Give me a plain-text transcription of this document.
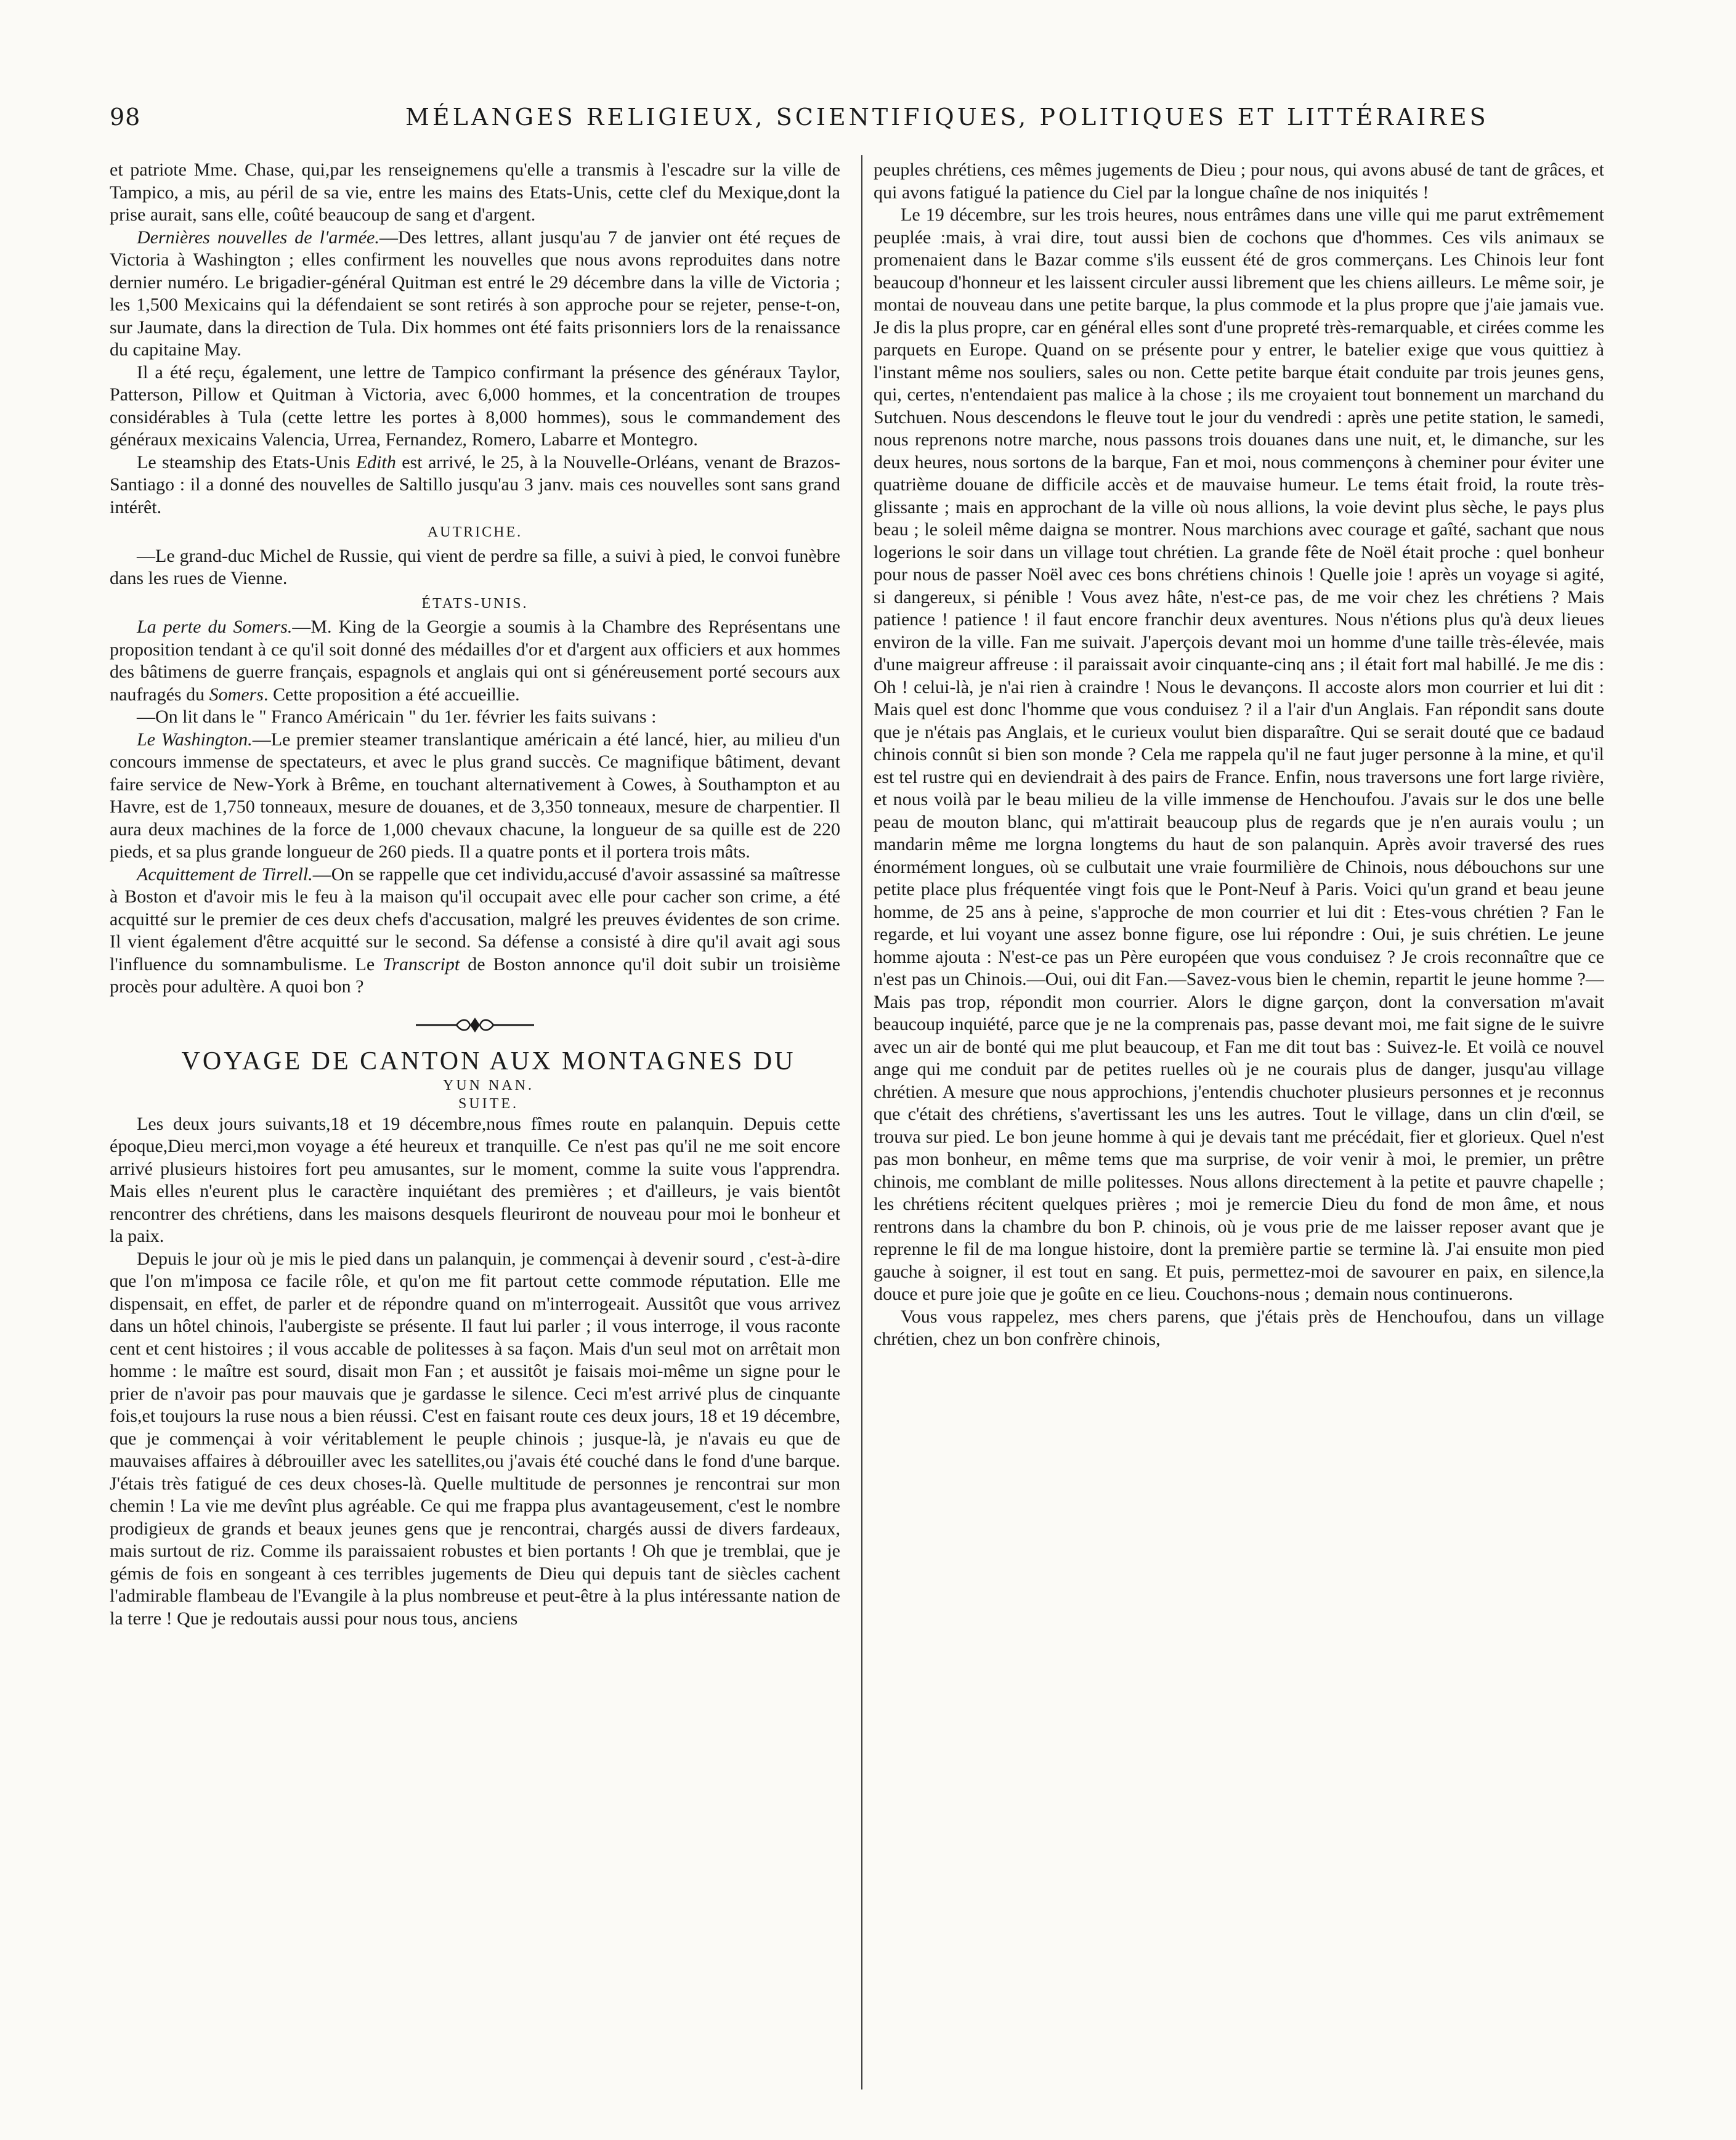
98	MÉLANGES RELIGIEUX, SCIENTIFIQUES, POLITIQUES ET LITTÉRAIRES

et patriote Mme. Chase, qui,par les renseignemens qu'elle a transmis à l'escadre sur la ville de Tampico, a mis, au péril de sa vie, entre les mains des Etats-Unis, cette clef du Mexique,dont la prise aurait, sans elle, coûté beaucoup de sang et d'argent.

Dernières nouvelles de l'armée.—Des lettres, allant jusqu'au 7 de janvier ont été reçues de Victoria à Washington ; elles confirment les nouvelles que nous avons reproduites dans notre dernier numéro. Le brigadier-général Quitman est entré le 29 décembre dans la ville de Victoria ; les 1,500 Mexicains qui la défendaient se sont retirés à son approche pour se rejeter, pense-t-on, sur Jaumate, dans la direction de Tula. Dix hommes ont été faits prisonniers lors de la renaissance du capitaine May.

Il a été reçu, également, une lettre de Tampico confirmant la présence des généraux Taylor, Patterson, Pillow et Quitman à Victoria, avec 6,000 hommes, et la concentration de troupes considérables à Tula (cette lettre les portes à 8,000 hommes), sous le commandement des généraux mexicains Valencia, Urrea, Fernandez, Romero, Labarre et Montegro.

Le steamship des Etats-Unis Edith est arrivé, le 25, à la Nouvelle-Orléans, venant de Brazos-Santiago : il a donné des nouvelles de Saltillo jusqu'au 3 janv. mais ces nouvelles sont sans grand intérêt.

AUTRICHE.

—Le grand-duc Michel de Russie, qui vient de perdre sa fille, a suivi à pied, le convoi funèbre dans les rues de Vienne.

ÉTATS-UNIS.

La perte du Somers.—M. King de la Georgie a soumis à la Chambre des Représentans une proposition tendant à ce qu'il soit donné des médailles d'or et d'argent aux officiers et aux hommes des bâtimens de guerre français, espagnols et anglais qui ont si généreusement porté secours aux naufragés du Somers. Cette proposition a été accueillie.

—On lit dans le " Franco Américain " du 1er. février les faits suivans :

Le Washington.—Le premier steamer translantique américain a été lancé, hier, au milieu d'un concours immense de spectateurs, et avec le plus grand succès. Ce magnifique bâtiment, devant faire service de New-York à Brême, en touchant alternativement à Cowes, à Southampton et au Havre, est de 1,750 tonneaux, mesure de douanes, et de 3,350 tonneaux, mesure de charpentier. Il aura deux machines de la force de 1,000 chevaux chacune, la longueur de sa quille est de 220 pieds, et sa plus grande longueur de 260 pieds. Il a quatre ponts et il portera trois mâts.

Acquittement de Tirrell.—On se rappelle que cet individu,accusé d'avoir assassiné sa maîtresse à Boston et d'avoir mis le feu à la maison qu'il occupait avec elle pour cacher son crime, a été acquitté sur le premier de ces deux chefs d'accusation, malgré les preuves évidentes de son crime. Il vient également d'être acquitté sur le second. Sa défense a consisté à dire qu'il avait agi sous l'influence du somnambulisme. Le Transcript de Boston annonce qu'il doit subir un troisième procès pour adultère. A quoi bon ?

VOYAGE DE CANTON AUX MONTAGNES DU

YUN NAN.

SUITE.

Les deux jours suivants,18 et 19 décembre,nous fîmes route en palanquin. Depuis cette époque,Dieu merci,mon voyage a été heureux et tranquille. Ce n'est pas qu'il ne me soit encore arrivé plusieurs histoires fort peu amusantes, sur le moment, comme la suite vous l'apprendra. Mais elles n'eurent plus le caractère inquiétant des premières ; et d'ailleurs, je vais bientôt rencontrer des chrétiens, dans les maisons desquels fleuriront de nouveau pour moi le bonheur et la paix.

Depuis le jour où je mis le pied dans un palanquin, je commençai à devenir sourd , c'est-à-dire que l'on m'imposa ce facile rôle, et qu'on me fit partout cette commode réputation. Elle me dispensait, en effet, de parler et de répondre quand on m'interrogeait. Aussitôt que vous arrivez dans un hôtel chinois, l'aubergiste se présente. Il faut lui parler ; il vous interroge, il vous raconte cent et cent histoires ; il vous accable de politesses à sa façon. Mais d'un seul mot on arrêtait mon homme : le maître est sourd, disait mon Fan ; et aussitôt je faisais moi-même un signe pour le prier de n'avoir pas pour mauvais que je gardasse le silence. Ceci m'est arrivé plus de cinquante fois,et toujours la ruse nous a bien réussi. C'est en faisant route ces deux jours, 18 et 19 décembre, que je commençai à voir véritablement le peuple chinois ; jusque-là, je n'avais eu que de mauvaises affaires à débrouiller avec les satellites,ou j'avais été couché dans le fond d'une barque. J'étais très fatigué de ces deux choses-là. Quelle multitude de personnes je rencontrai sur mon chemin ! La vie me devînt plus agréable. Ce qui me frappa plus avantageusement, c'est le nombre prodigieux de grands et beaux jeunes gens que je rencontrai, chargés aussi de divers fardeaux, mais surtout de riz. Comme ils paraissaient robustes et bien portants ! Oh que je tremblai, que je gémis de fois en songeant à ces terribles jugements de Dieu qui depuis tant de siècles cachent l'admirable flambeau de l'Evangile à la plus nombreuse et peut-être à la plus intéressante nation de la terre ! Que je redoutais aussi pour nous tous, anciens

peuples chrétiens, ces mêmes jugements de Dieu ; pour nous, qui avons abusé de tant de grâces, et qui avons fatigué la patience du Ciel par la longue chaîne de nos iniquités !

Le 19 décembre, sur les trois heures, nous entrâmes dans une ville qui me parut extrêmement peuplée :mais, à vrai dire, tout aussi bien de cochons que d'hommes. Ces vils animaux se promenaient dans le Bazar comme s'ils eussent été de gros commerçans. Les Chinois leur font beaucoup d'honneur et les laissent circuler aussi librement que les chiens ailleurs. Le même soir, je montai de nouveau dans une petite barque, la plus commode et la plus propre que j'aie jamais vue. Je dis la plus propre, car en général elles sont d'une propreté très-remarquable, et cirées comme les parquets en Europe. Quand on se présente pour y entrer, le batelier exige que vous quittiez à l'instant même nos souliers, sales ou non. Cette petite barque était conduite par trois jeunes gens, qui, certes, n'entendaient pas malice à la chose ; ils me croyaient tout bonnement un marchand du Sutchuen. Nous descendons le fleuve tout le jour du vendredi : après une petite station, le samedi, nous reprenons notre marche, nous passons trois douanes dans une nuit, et, le dimanche, sur les deux heures, nous sortons de la barque, Fan et moi, nous commençons à cheminer pour éviter une quatrième douane de difficile accès et de mauvaise humeur. Le tems était froid, la route très-glissante ; mais en approchant de la ville où nous allions, la voie devint plus sèche, le pays plus beau ; le soleil même daigna se montrer. Nous marchions avec courage et gaîté, sachant que nous logerions le soir dans un village tout chrétien. La grande fête de Noël était proche : quel bonheur pour nous de passer Noël avec ces bons chrétiens chinois ! Quelle joie ! après un voyage si agité, si dangereux, si pénible ! Vous avez hâte, n'est-ce pas, de me voir chez les chrétiens ? Mais patience ! patience ! il faut encore franchir deux aventures. Nous n'étions plus qu'à deux lieues environ de la ville. Fan me suivait. J'aperçois devant moi un homme d'une taille très-élevée, mais d'une maigreur affreuse : il paraissait avoir cinquante-cinq ans ; il était fort mal habillé. Je me dis : Oh ! celui-là, je n'ai rien à craindre ! Nous le devançons. Il accoste alors mon courrier et lui dit : Mais quel est donc l'homme que vous conduisez ? il a l'air d'un Anglais. Fan répondit sans doute que je n'étais pas Anglais, et le curieux voulut bien disparaître. Qui se serait douté que ce badaud chinois connût si bien son monde ? Cela me rappela qu'il ne faut juger personne à la mine, et qu'il est tel rustre qui en deviendrait à des pairs de France. Enfin, nous traversons une fort large rivière, et nous voilà par le beau milieu de la ville immense de Henchoufou. J'avais sur le dos une belle peau de mouton blanc, qui m'attirait beaucoup plus de regards que je n'en aurais voulu ; un mandarin même me lorgna longtems du haut de son palanquin. Après avoir traversé des rues énormément longues, où se culbutait une vraie fourmilière de Chinois, nous débouchons sur une petite place plus fréquentée vingt fois que le Pont-Neuf à Paris. Voici qu'un grand et beau jeune homme, de 25 ans à peine, s'approche de mon courrier et lui dit : Etes-vous chrétien ? Fan le regarde, et lui voyant une assez bonne figure, ose lui répondre : Oui, je suis chrétien. Le jeune homme ajouta : N'est-ce pas un Père européen que vous conduisez ? Je crois reconnaître que ce n'est pas un Chinois.—Oui, oui dit Fan.—Savez-vous bien le chemin, repartit le jeune homme ?—Mais pas trop, répondit mon courrier. Alors le digne garçon, dont la conversation m'avait beaucoup inquiété, parce que je ne la comprenais pas, passe devant moi, me fait signe de le suivre avec un air de bonté qui me plut beaucoup, et Fan me dit tout bas : Suivez-le. Et voilà ce nouvel ange qui me conduit par de petites ruelles où je ne courais plus de danger, jusqu'au village chrétien. A mesure que nous approchions, j'entendis chuchoter plusieurs personnes et je reconnus que c'était des chrétiens, s'avertissant les uns les autres. Tout le village, dans un clin d'œil, se trouva sur pied. Le bon jeune homme à qui je devais tant me précédait, fier et glorieux. Quel n'est pas mon bonheur, en même tems que ma surprise, de voir venir à moi, le premier, un prêtre chinois, me comblant de mille politesses. Nous allons directement à la petite et pauvre chapelle ; les chrétiens récitent quelques prières ; moi je remercie Dieu du fond de mon âme, et nous rentrons dans la chambre du bon P. chinois, où je vous prie de me laisser reposer avant que je reprenne le fil de ma longue histoire, dont la première partie se termine là. J'ai ensuite mon pied gauche à soigner, il est tout en sang. Et puis, permettez-moi de savourer en paix, en silence,la douce et pure joie que je goûte en ce lieu. Couchons-nous ; demain nous continuerons.

Vous vous rappelez, mes chers parens, que j'étais près de Henchoufou, dans un village chrétien, chez un bon confrère chinois,
